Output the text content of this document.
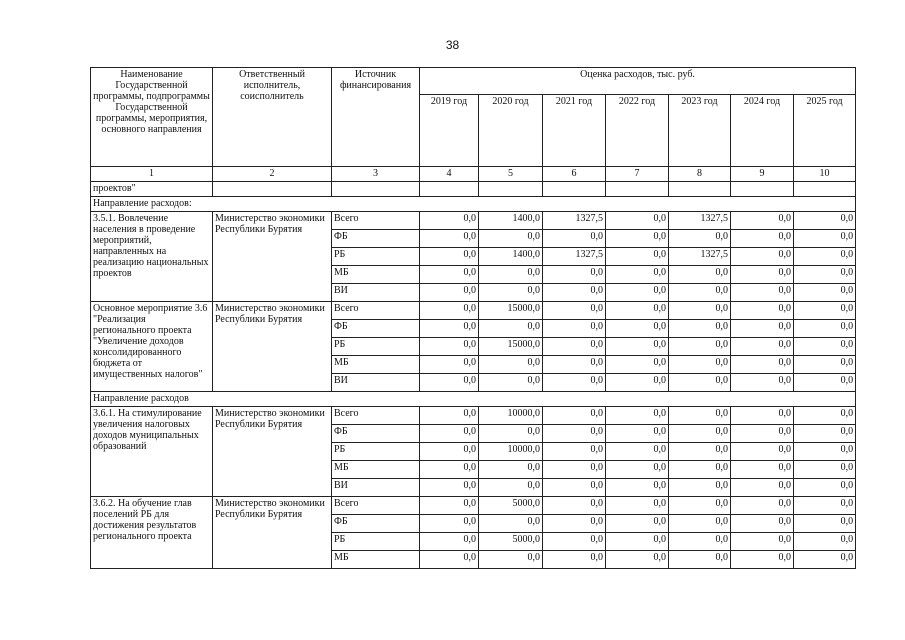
38
Наименование Государственной программы, подпрограммы Государственной программы, мероприятия, основного направления	Ответственный исполнитель, соисполнитель	Источник финансирования	Оценка расходов, тыс. руб.						
			2019 год	2020 год	2021 год	2022 год	2023 год	2024 год	2025 год
1	2	3	4	5	6	7	8	9	10
проектов"									
Направление расходов:									
3.5.1. Вовлечение населения в проведение мероприятий, направленных на реализацию национальных проектов	Министерство экономики Республики Бурятия	Всего	0,0	1400,0	1327,5	0,0	1327,5	0,0	0,0
		ФБ	0,0	0,0	0,0	0,0	0,0	0,0	0,0
		РБ	0,0	1400,0	1327,5	0,0	1327,5	0,0	0,0
		МБ	0,0	0,0	0,0	0,0	0,0	0,0	0,0
		ВИ	0,0	0,0	0,0	0,0	0,0	0,0	0,0
Основное мероприятие 3.6 "Реализация регионального проекта "Увеличение доходов консолидированного бюджета от имущественных налогов"	Министерство экономики Республики Бурятия	Всего	0,0	15000,0	0,0	0,0	0,0	0,0	0,0
		ФБ	0,0	0,0	0,0	0,0	0,0	0,0	0,0
		РБ	0,0	15000,0	0,0	0,0	0,0	0,0	0,0
		МБ	0,0	0,0	0,0	0,0	0,0	0,0	0,0
		ВИ	0,0	0,0	0,0	0,0	0,0	0,0	0,0
Направление расходов									
3.6.1. На стимулирование увеличения налоговых доходов муниципальных образований	Министерство экономики Республики Бурятия	Всего	0,0	10000,0	0,0	0,0	0,0	0,0	0,0
		ФБ	0,0	0,0	0,0	0,0	0,0	0,0	0,0
		РБ	0,0	10000,0	0,0	0,0	0,0	0,0	0,0
		МБ	0,0	0,0	0,0	0,0	0,0	0,0	0,0
		ВИ	0,0	0,0	0,0	0,0	0,0	0,0	0,0
3.6.2. На обучение глав поселений РБ для достижения результатов регионального проекта	Министерство экономики Республики Бурятия	Всего	0,0	5000,0	0,0	0,0	0,0	0,0	0,0
		ФБ	0,0	0,0	0,0	0,0	0,0	0,0	0,0
		РБ	0,0	5000,0	0,0	0,0	0,0	0,0	0,0
		МБ	0,0	0,0	0,0	0,0	0,0	0,0	0,0
